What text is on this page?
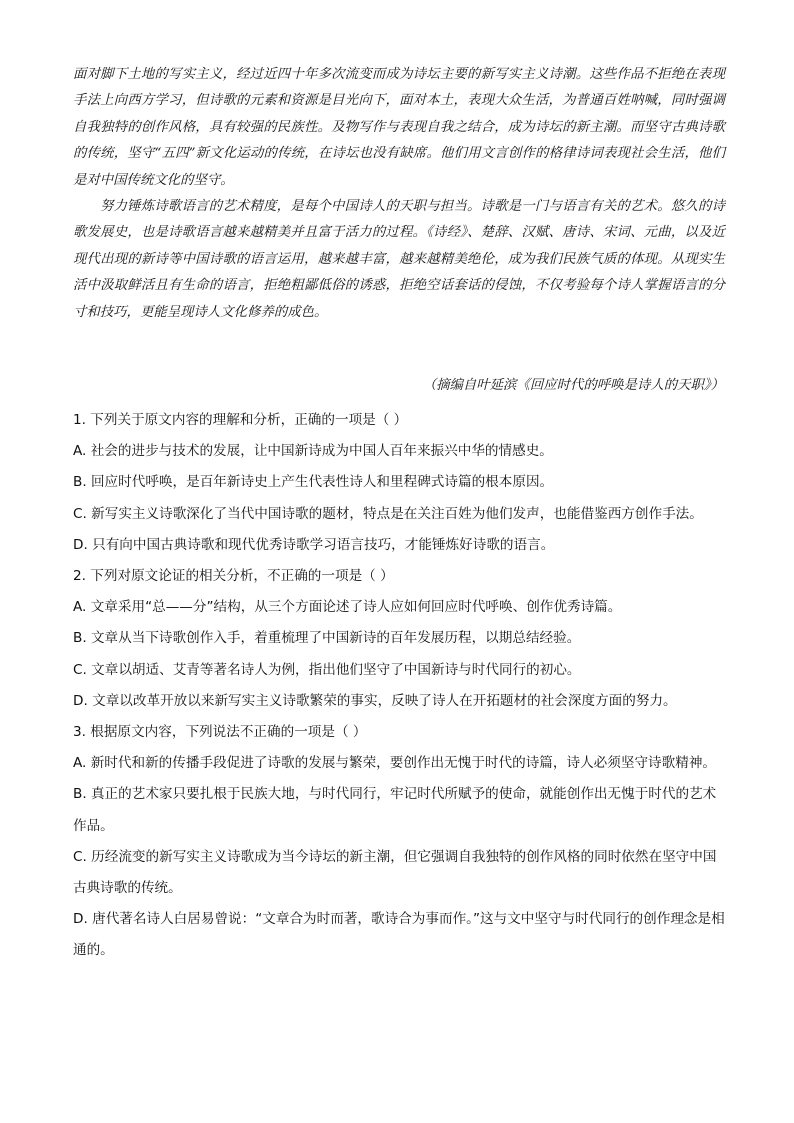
面对脚下土地的写实主义，经过近四十年多次流变而成为诗坛主要的新写实主义诗潮。这些作品不拒绝在表现手法上向西方学习，但诗歌的元素和资源是目光向下，面对本土，表现大众生活，为普通百姓呐喊，同时强调自我独特的创作风格，具有较强的民族性。及物写作与表现自我之结合，成为诗坛的新主潮。而坚守古典诗歌的传统，坚守“五四”新文化运动的传统，在诗坛也没有缺席。他们用文言创作的格律诗词表现社会生活，他们是对中国传统文化的坚守。

努力锤炼诗歌语言的艺术精度，是每个中国诗人的天职与担当。诗歌是一门与语言有关的艺术。悠久的诗歌发展史，也是诗歌语言越来越精美并且富于活力的过程。《诗经》、楚辞、汉赋、唐诗、宋词、元曲，以及近现代出现的新诗等中国诗歌的语言运用，越来越丰富，越来越精美绝伦，成为我们民族气质的体现。从现实生活中汲取鲜活且有生命的语言，拒绝粗鄙低俗的诱惑，拒绝空话套话的侵蚀，不仅考验每个诗人掌握语言的分寸和技巧，更能呈现诗人文化修养的成色。

（摘编自叶延滨《回应时代的呼唤是诗人的天职》）
1. 下列关于原文内容的理解和分析，正确的一项是（ ）
A. 社会的进步与技术的发展，让中国新诗成为中国人百年来振兴中华的情感史。
B. 回应时代呼唤，是百年新诗史上产生代表性诗人和里程碑式诗篇的根本原因。
C. 新写实主义诗歌深化了当代中国诗歌的题材，特点是在关注百姓为他们发声，也能借鉴西方创作手法。
D. 只有向中国古典诗歌和现代优秀诗歌学习语言技巧，才能锤炼好诗歌的语言。
2. 下列对原文论证的相关分析，不正确的一项是（ ）
A. 文章采用“总——分”结构，从三个方面论述了诗人应如何回应时代呼唤、创作优秀诗篇。
B. 文章从当下诗歌创作入手，着重梳理了中国新诗的百年发展历程，以期总结经验。
C. 文章以胡适、艾青等著名诗人为例，指出他们坚守了中国新诗与时代同行的初心。
D. 文章以改革开放以来新写实主义诗歌繁荣的事实，反映了诗人在开拓题材的社会深度方面的努力。
3. 根据原文内容，下列说法不正确的一项是（ ）
A. 新时代和新的传播手段促进了诗歌的发展与繁荣，要创作出无愧于时代的诗篇，诗人必须坚守诗歌精神。
B. 真正的艺术家只要扎根于民族大地，与时代同行，牢记时代所赋予的使命，就能创作出无愧于时代的艺术作品。
C. 历经流变的新写实主义诗歌成为当今诗坛的新主潮，但它强调自我独特的创作风格的同时依然在坚守中国古典诗歌的传统。
D. 唐代著名诗人白居易曾说：“文章合为时而著，歌诗合为事而作。”这与文中坚守与时代同行的创作理念是相通的。
